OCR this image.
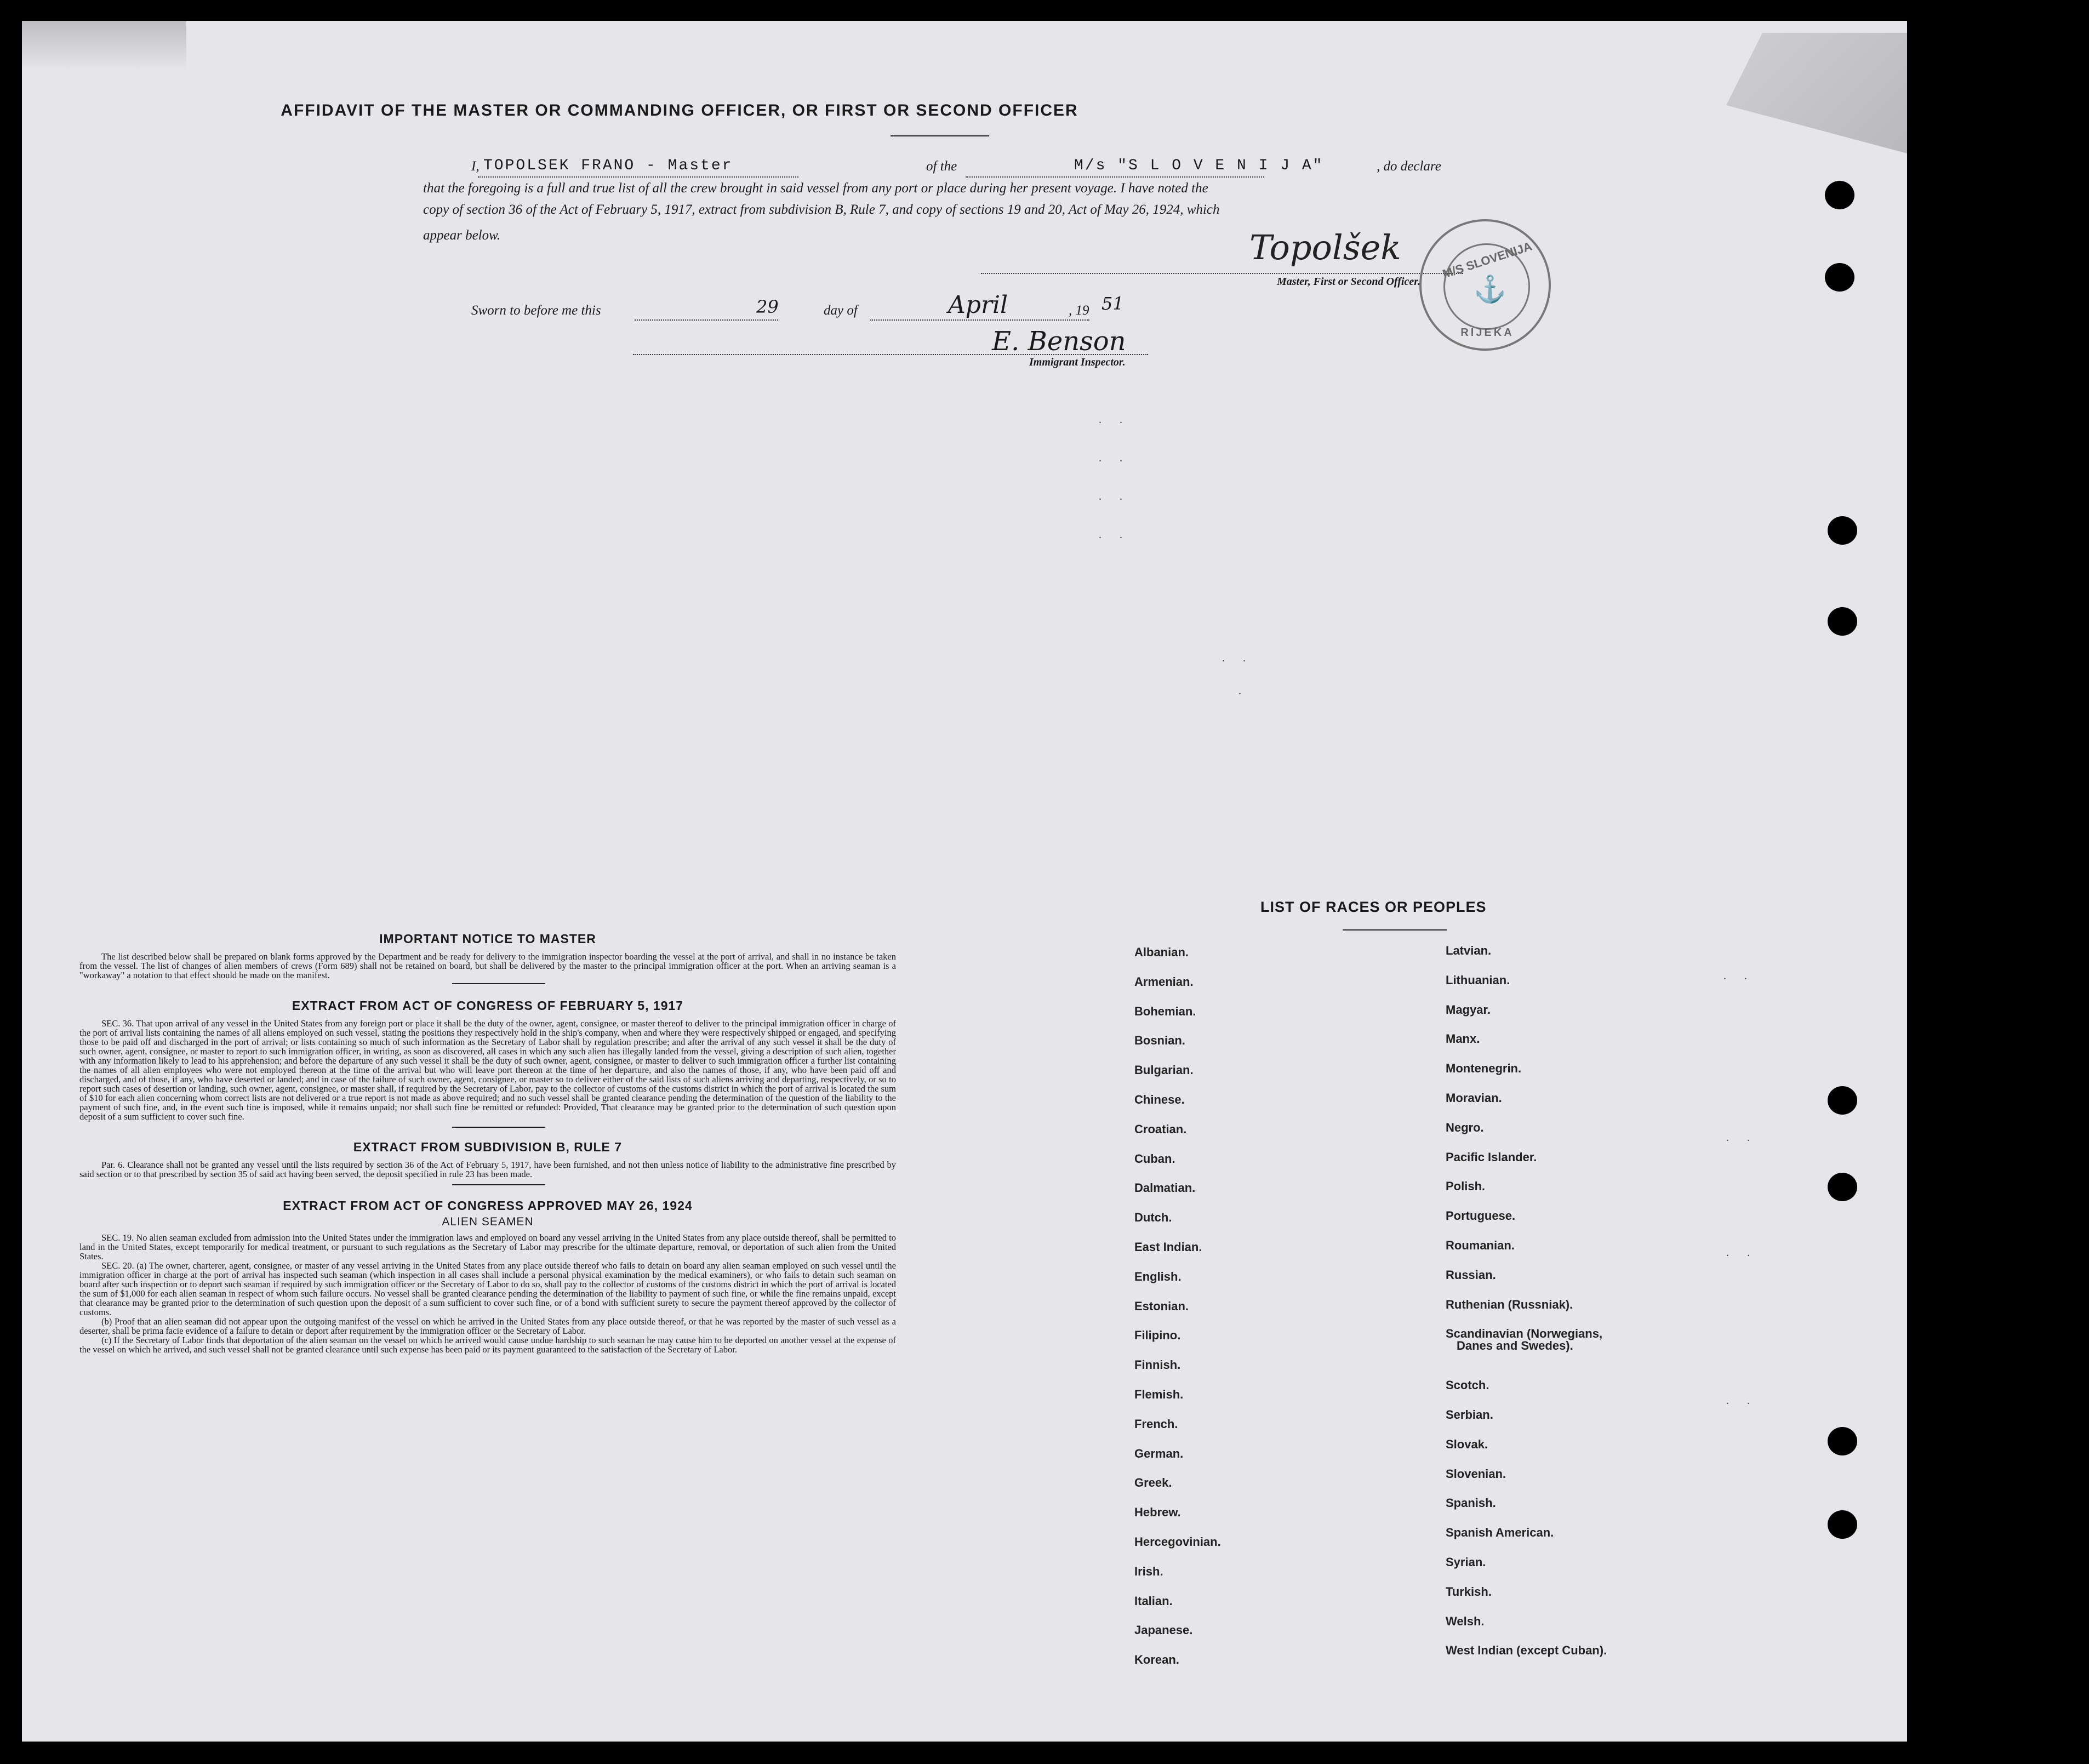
AFFIDAVIT OF THE MASTER OR COMMANDING OFFICER, OR FIRST OR SECOND OFFICER
I, TOPOLSEK FRANO - Master	of the	M/s "S L O V E N I J A"	, do declare
that the foregoing is a full and true list of all the crew brought in said vessel from any port or place during her present voyage. I have noted the
copy of section 36 of the Act of February 5, 1917, extract from subdivision B, Rule 7, and copy of sections 19 and 20, Act of May 26, 1924, which
appear below.	Topolšek
Master, First or Second Officer.
M/S SLOVENIJA
⚓
RIJEKA
Sworn to before me this	29	day of	April	, 19 51
E. Benson
Immigrant Inspector.
. .
. .
. .
. .
. .
.
IMPORTANT NOTICE TO MASTER
The list described below shall be prepared on blank forms approved by the Department and be ready for delivery to the immigration inspector boarding the vessel at the port of arrival, and shall in no instance be taken from the vessel. The list of changes of alien members of crews (Form 689) shall not be retained on board, but shall be delivered by the master to the principal immigration officer at the port. When an arriving seaman is a "workaway" a notation to that effect should be made on the manifest.
EXTRACT FROM ACT OF CONGRESS OF FEBRUARY 5, 1917
SEC. 36. That upon arrival of any vessel in the United States from any foreign port or place it shall be the duty of the owner, agent, consignee, or master thereof to deliver to the principal immigration officer in charge of the port of arrival lists containing the names of all aliens employed on such vessel, stating the positions they respectively hold in the ship's company, when and where they were respectively shipped or engaged, and specifying those to be paid off and discharged in the port of arrival; or lists containing so much of such information as the Secretary of Labor shall by regulation prescribe; and after the arrival of any such vessel it shall be the duty of such owner, agent, consignee, or master to report to such immigration officer, in writing, as soon as discovered, all cases in which any such alien has illegally landed from the vessel, giving a description of such alien, together with any information likely to lead to his apprehension; and before the departure of any such vessel it shall be the duty of such owner, agent, consignee, or master to deliver to such immigration officer a further list containing the names of all alien employees who were not employed thereon at the time of the arrival but who will leave port thereon at the time of her departure, and also the names of those, if any, who have been paid off and discharged, and of those, if any, who have deserted or landed; and in case of the failure of such owner, agent, consignee, or master so to deliver either of the said lists of such aliens arriving and departing, respectively, or so to report such cases of desertion or landing, such owner, agent, consignee, or master shall, if required by the Secretary of Labor, pay to the collector of customs of the customs district in which the port of arrival is located the sum of $10 for each alien concerning whom correct lists are not delivered or a true report is not made as above required; and no such vessel shall be granted clearance pending the determination of the question of the liability to the payment of such fine, and, in the event such fine is imposed, while it remains unpaid; nor shall such fine be remitted or refunded: Provided, That clearance may be granted prior to the determination of such question upon deposit of a sum sufficient to cover such fine.
EXTRACT FROM SUBDIVISION B, RULE 7
Par. 6. Clearance shall not be granted any vessel until the lists required by section 36 of the Act of February 5, 1917, have been furnished, and not then unless notice of liability to the administrative fine prescribed by said section or to that prescribed by section 35 of said act having been served, the deposit specified in rule 23 has been made.
EXTRACT FROM ACT OF CONGRESS APPROVED MAY 26, 1924
ALIEN SEAMEN
SEC. 19. No alien seaman excluded from admission into the United States under the immigration laws and employed on board any vessel arriving in the United States from any place outside thereof, shall be permitted to land in the United States, except temporarily for medical treatment, or pursuant to such regulations as the Secretary of Labor may prescribe for the ultimate departure, removal, or deportation of such alien from the United States.
SEC. 20. (a) The owner, charterer, agent, consignee, or master of any vessel arriving in the United States from any place outside thereof who fails to detain on board any alien seaman employed on such vessel until the immigration officer in charge at the port of arrival has inspected such seaman (which inspection in all cases shall include a personal physical examination by the medical examiners), or who fails to detain such seaman on board after such inspection or to deport such seaman if required by such immigration officer or the Secretary of Labor to do so, shall pay to the collector of customs of the customs district in which the port of arrival is located the sum of $1,000 for each alien seaman in respect of whom such failure occurs. No vessel shall be granted clearance pending the determination of the liability to payment of such fine, or while the fine remains unpaid, except that clearance may be granted prior to the determination of such question upon the deposit of a sum sufficient to cover such fine, or of a bond with sufficient surety to secure the payment thereof approved by the collector of customs.
(b) Proof that an alien seaman did not appear upon the outgoing manifest of the vessel on which he arrived in the United States from any place outside thereof, or that he was reported by the master of such vessel as a deserter, shall be prima facie evidence of a failure to detain or deport after requirement by the immigration officer or the Secretary of Labor.
(c) If the Secretary of Labor finds that deportation of the alien seaman on the vessel on which he arrived would cause undue hardship to such seaman he may cause him to be deported on another vessel at the expense of the vessel on which he arrived, and such vessel shall not be granted clearance until such expense has been paid or its payment guaranteed to the satisfaction of the Secretary of Labor.
LIST OF RACES OR PEOPLES
Danes and Swedes).
. .
. .
. .
. .
Albanian.
Armenian.
Bohemian.
Bosnian.
Bulgarian.
Chinese.
Croatian.
Cuban.
Dalmatian.
Dutch.
East Indian.
English.
Estonian.
Filipino.
Finnish.
Flemish.
French.
German.
Greek.
Hebrew.
Hercegovinian.
Irish.
Italian.
Japanese.
Korean.
Latvian.
Lithuanian.
Magyar.
Manx.
Montenegrin.
Moravian.
Negro.
Pacific Islander.
Polish.
Portuguese.
Roumanian.
Russian.
Ruthenian (Russniak).
Scandinavian (Norwegians,
Scotch.
Serbian.
Slovak.
Slovenian.
Spanish.
Spanish American.
Syrian.
Turkish.
Welsh.
West Indian (except Cuban).
